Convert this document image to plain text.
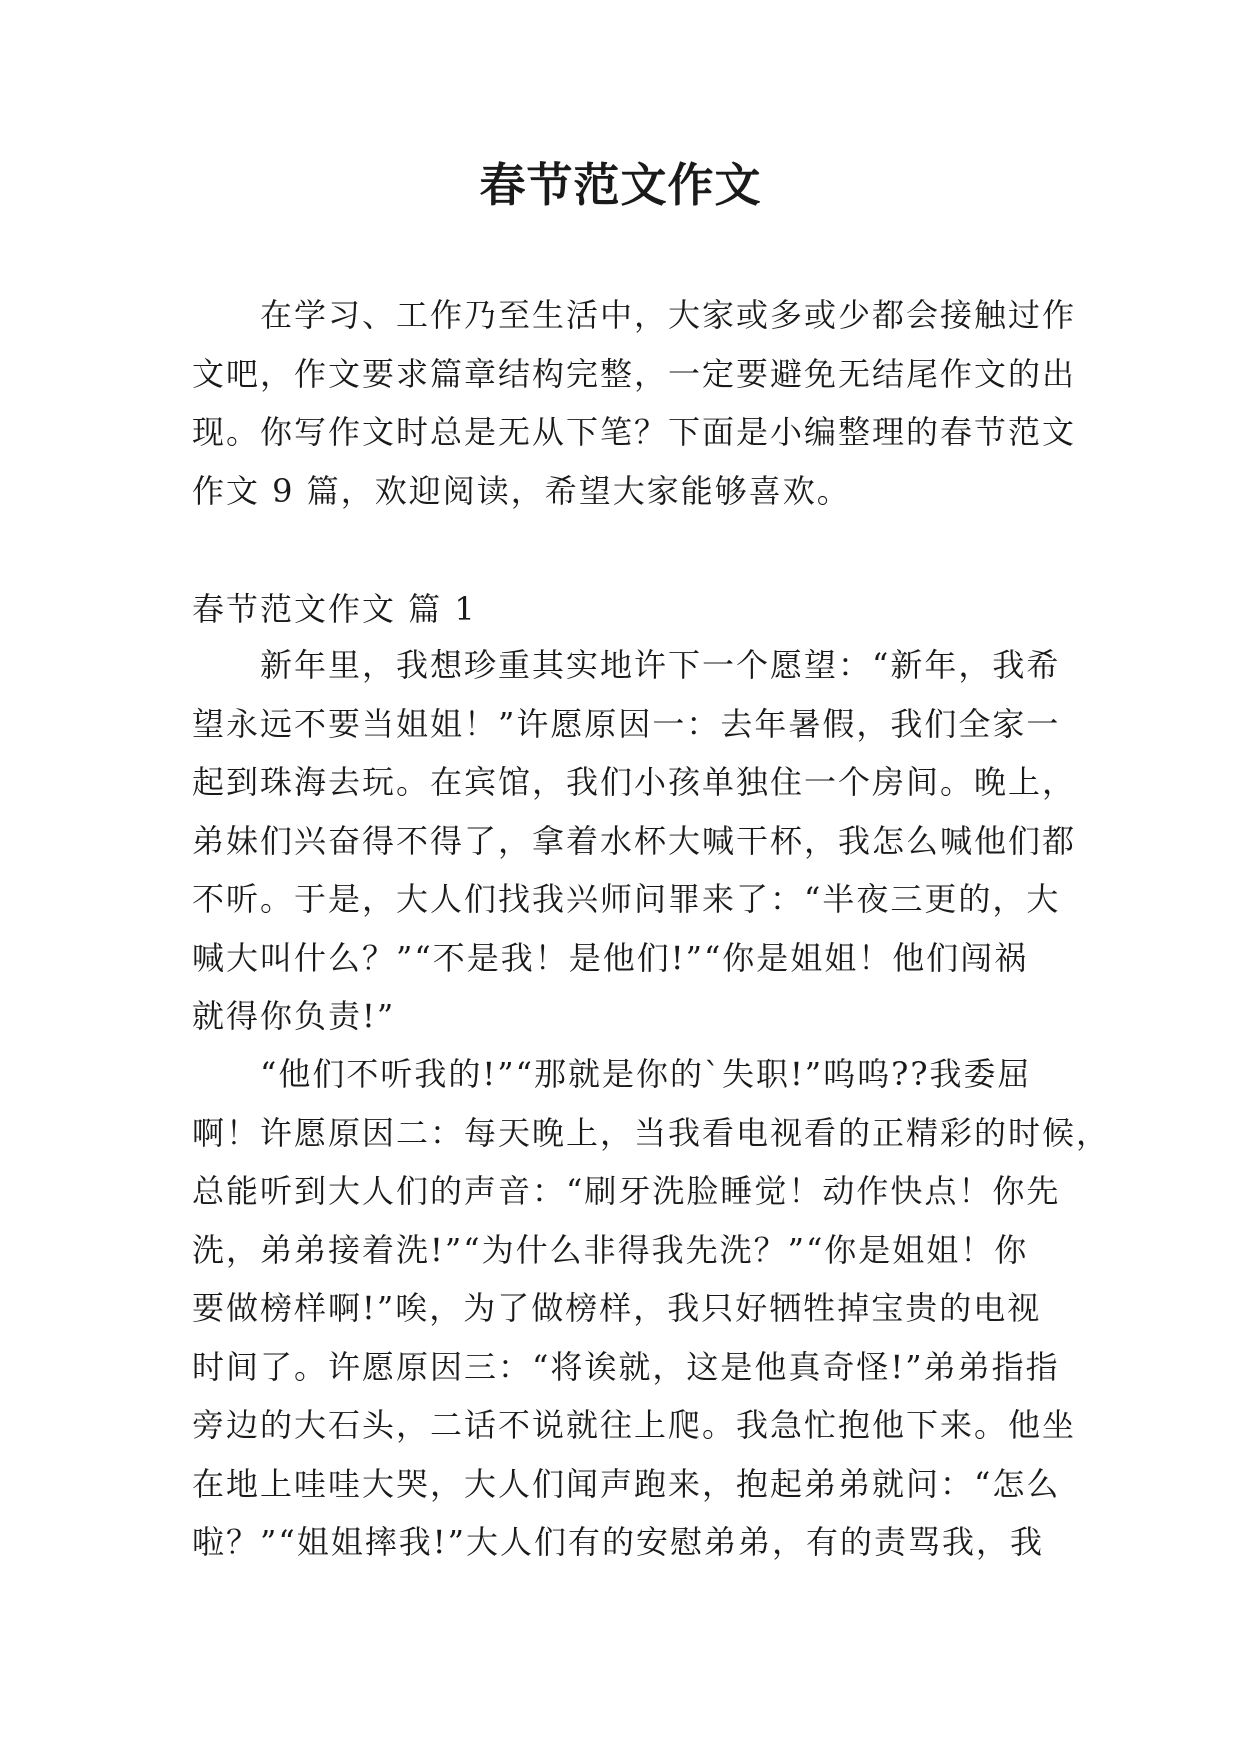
春节范文作文
　　在学习、工作乃至生活中，大家或多或少都会接触过作
文吧，作文要求篇章结构完整，一定要避免无结尾作文的出
现。你写作文时总是无从下笔？下面是小编整理的春节范文
作文 9 篇，欢迎阅读，希望大家能够喜欢。
春节范文作文 篇 1
　　新年里，我想珍重其实地许下一个愿望：“新年，我希
望永远不要当姐姐！”许愿原因一：去年暑假，我们全家一
起到珠海去玩。在宾馆，我们小孩单独住一个房间。晚上，
弟妹们兴奋得不得了，拿着水杯大喊干杯，我怎么喊他们都
不听。于是，大人们找我兴师问罪来了：“半夜三更的，大
喊大叫什么？”“不是我！是他们!”“你是姐姐！他们闯祸
就得你负责!”
　　“他们不听我的!”“那就是你的`失职!”呜呜??我委屈
啊！许愿原因二：每天晚上，当我看电视看的正精彩的时候，
总能听到大人们的声音：“刷牙洗脸睡觉！动作快点！你先
洗，弟弟接着洗!”“为什么非得我先洗？”“你是姐姐！你
要做榜样啊!”唉，为了做榜样，我只好牺牲掉宝贵的电视
时间了。许愿原因三：“将诶就，这是他真奇怪!”弟弟指指
旁边的大石头，二话不说就往上爬。我急忙抱他下来。他坐
在地上哇哇大哭，大人们闻声跑来，抱起弟弟就问：“怎么
啦？”“姐姐摔我!”大人们有的安慰弟弟，有的责骂我，我
